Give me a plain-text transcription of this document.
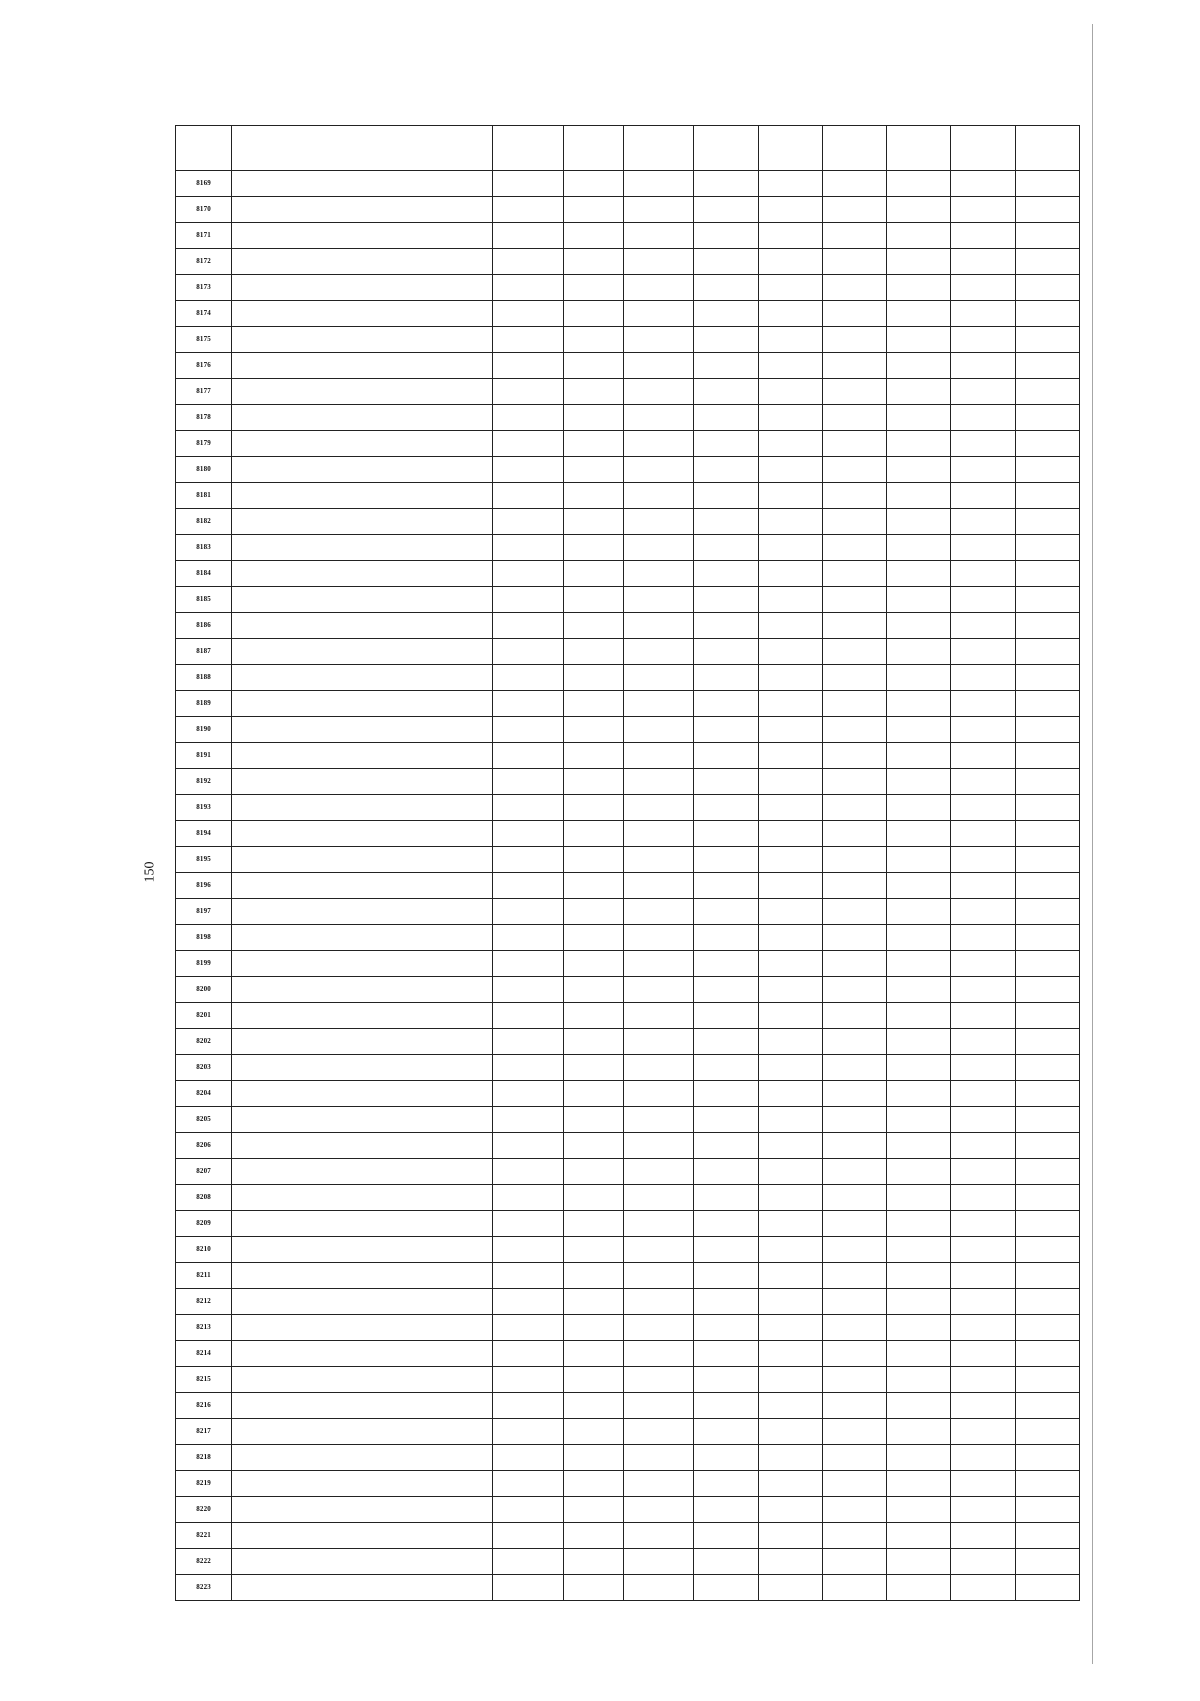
150

8169										
8170										
8171										
8172										
8173										
8174										
8175										
8176										
8177										
8178										
8179										
8180										
8181										
8182										
8183										
8184										
8185										
8186										
8187										
8188										
8189										
8190										
8191										
8192										
8193										
8194										
8195										
8196										
8197										
8198										
8199										
8200										
8201										
8202										
8203										
8204										
8205										
8206										
8207										
8208										
8209										
8210										
8211										
8212										
8213										
8214										
8215										
8216										
8217										
8218										
8219										
8220										
8221										
8222										
8223										
